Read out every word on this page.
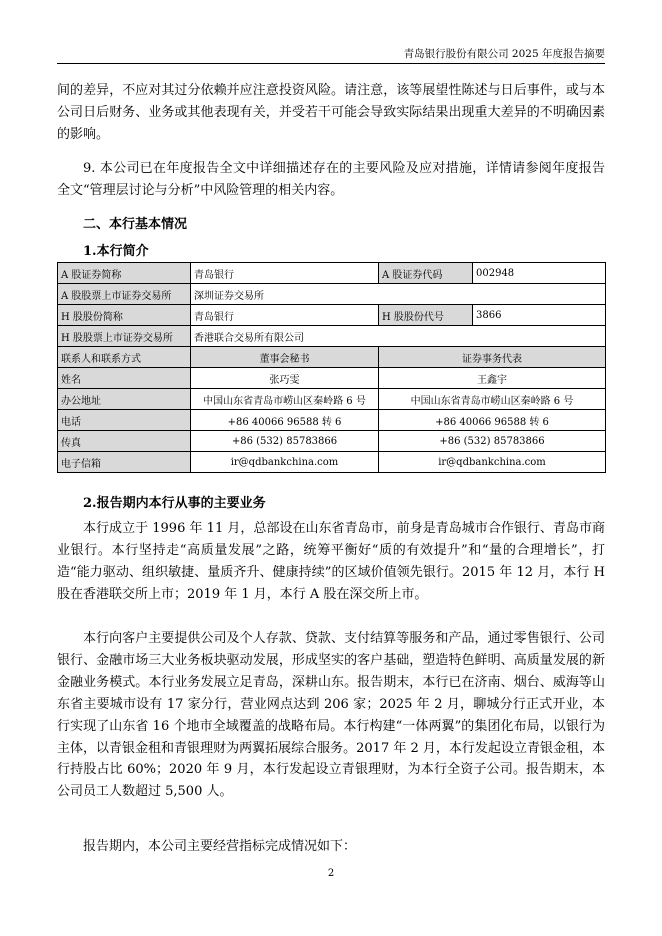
青岛银行股份有限公司 2025 年度报告摘要

间的差异，不应对其过分依赖并应注意投资风险。请注意，该等展望性陈述与日后事件，或与本公司日后财务、业务或其他表现有关，并受若干可能会导致实际结果出现重大差异的不明确因素的影响。

9. 本公司已在年度报告全文中详细描述存在的主要风险及应对措施，详情请参阅年度报告全文“管理层讨论与分析”中风险管理的相关内容。

二、本行基本情况

1.本行简介

A 股证券简称	青岛银行	A 股证券代码	002948
A 股股票上市证券交易所	深圳证券交易所		
H 股股份简称	青岛银行	H 股股份代号	3866
H 股股票上市证券交易所	香港联合交易所有限公司		
联系人和联系方式	董事会秘书	证券事务代表	
姓名	张巧雯	王鑫宇	
办公地址	中国山东省青岛市崂山区秦岭路 6 号	中国山东省青岛市崂山区秦岭路 6 号	
电话	+86 40066 96588 转 6	+86 40066 96588 转 6	
传真	+86 (532) 85783866	+86 (532) 85783866	
电子信箱	ir@qdbankchina.com	ir@qdbankchina.com	

2.报告期内本行从事的主要业务

本行成立于 1996 年 11 月，总部设在山东省青岛市，前身是青岛城市合作银行、青岛市商业银行。本行坚持走“高质量发展”之路，统筹平衡好“质的有效提升”和“量的合理增长”，打造“能力驱动、组织敏捷、量质齐升、健康持续”的区域价值领先银行。2015 年 12 月，本行 H 股在香港联交所上市；2019 年 1 月，本行 A 股在深交所上市。

本行向客户主要提供公司及个人存款、贷款、支付结算等服务和产品，通过零售银行、公司银行、金融市场三大业务板块驱动发展，形成坚实的客户基础，塑造特色鲜明、高质量发展的新金融业务模式。本行业务发展立足青岛，深耕山东。报告期末，本行已在济南、烟台、威海等山东省主要城市设有 17 家分行，营业网点达到 206 家；2025 年 2 月，聊城分行正式开业，本行实现了山东省 16 个地市全域覆盖的战略布局。本行构建“一体两翼”的集团化布局，以银行为主体，以青银金租和青银理财为两翼拓展综合服务。2017 年 2 月，本行发起设立青银金租，本行持股占比 60%；2020 年 9 月，本行发起设立青银理财，为本行全资子公司。报告期末，本公司员工人数超过 5,500 人。

报告期内，本公司主要经营指标完成情况如下：

2
